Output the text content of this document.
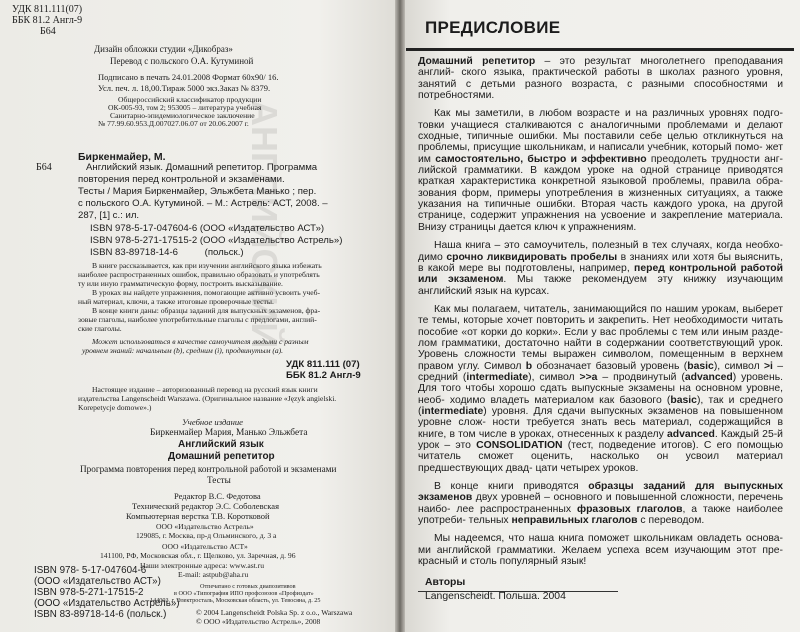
АНГЛИЙСКИЙ
УДК 811.111(07)
ББК 81.2 Англ-9
Б64
Дизайн обложки студии «Дикобраз»
Перевод с польского О.А. Кутуминой
Подписано в печать 24.01.2008 Формат 60х90/ 16.
Усл. печ. л. 18,00.Тираж 5000 экз.Заказ № 8379.
Общероссийский классификатор продукции
ОК-005-93, том 2; 953005 – литература учебная
Санитарно-эпидемиологическое заключение
№ 77.99.60.953.Д.007027.06.07 от 20.06.2007 г.
Биркенмайер, М.
Б64	Английский язык. Домашний репетитор. Программа
повторения перед контрольной и экзаменами.
Тесты / Мария Биркенмайер, Эльжбета Манько ; пер.
с польского О.А. Кутуминой. – М.: Астрель: АСТ, 2008. –
287, [1] с.: ил.
ISBN 978-5-17-047604-6 (ООО «Издательство АСТ»)
ISBN 978-5-271-17515-2 (ООО «Издательство Астрель»)
ISBN 83-89718-14-6          (польск.)
В книге рассказывается, как при изучении английского языка избежать
наиболее распространенных ошибок, правильно образовать и употреблять
ту или иную грамматическую форму, построить высказывание.
В уроках вы найдете упражнения, помогающие активно усвоить учеб-
ный материал, ключи, а также итоговые проверочные тесты.
В конце книги даны: образцы заданий для выпускных экзаменов, фра-
зовые глаголы, наиболее употребительные глаголы с предлогами, англий-
ские глаголы.
Может использоваться в качестве самоучителя людьми с разным
уровнем знаний: начальным (b), средним (i), продвинутым (a).
УДК 811.111 (07)
ББК 81.2 Англ-9
Настоящее издание – авторизованный перевод на русский язык книги
издательства Langenscheidt Warszawa. (Оригинальное название «Język angielski.
Korepetycje domowe».)
Учебное издание
Биркенмайер Мария, Манько Эльжбета
Английский язык
Домашний репетитор
Программа повторения перед контрольной работой и экзаменами
Тесты
Редактор В.С. Федотова
Технический редактор Э.С. Соболевская
Компьютерная верстка Т.В. Коротковой
ООО «Издательство Астрель»
129085, г. Москва, пр-д Ольминского, д. 3 а
ООО «Издательство АСТ»
141100, РФ, Московская обл., г. Щелково, ул. Заречная, д. 96
Наши электронные адреса: www.ast.ru
E-mail: astpub@aha.ru
ISBN 978- 5-17-047604-6
(ООО «Издательство АСТ»)
ISBN 978-5-271-17515-2
(ООО «Издательство Астрель»)
ISBN 83-89718-14-6 (польск.)
Отпечатано с готовых диапозитивов
в ООО «Типография ИПО профсоюзов «Профиздат»
144003, г. Электросталь, Московская область, ул. Тевосяна, д. 25
© 2004 Langenscheidt Polska Sp. z o.o., Warszawa
© ООО «Издательство Астрель», 2008
ПРЕДИСЛОВИЕ

Домашний репетитор – это результат многолетнего преподавания англий- ского языка, практической работы в школах разного уровня, занятий с детьми разного возраста, с разными способностями и потребностями.

Как мы заметили, в любом возрасте и на различных уровнях подго- товки учащиеся сталкиваются с аналогичными проблемами и делают сходные, типичные ошибки. Мы поставили себе целью откликнуться на проблемы, присущие школьникам, и написали учебник, который помо- жет им самостоятельно, быстро и эффективно преодолеть трудности анг- лийской грамматики. В каждом уроке на одной странице приводятся краткая характеристика конкретной языковой проблемы, правила обра- зования форм, примеры употребления в жизненных ситуациях, а также указания на типичные ошибки. Вторая часть каждого урока, на другой странице, содержит упражнения на усвоение и закрепление материала. Внизу страницы дается ключ к упражнениям.

Наша книга – это самоучитель, полезный в тех случаях, когда необхо- димо срочно ликвидировать пробелы в знаниях или хотя бы выяснить, в какой мере вы подготовлены, например, перед контрольной работой или экзаменом. Мы также рекомендуем эту книжку изучающим английский язык на курсах.

Как мы полагаем, читатель, занимающийся по нашим урокам, выберет те темы, которые хочет повторить и закрепить. Нет необходимости читать пособие «от корки до корки». Если у вас проблемы с тем или иным разде- лом грамматики, достаточно найти в содержании соответствующий урок. Уровень сложности темы выражен символом, помещенным в верхнем правом углу. Символ b обозначает базовый уровень (basic), символ >i – средний (intermediate), символ >>a – продвинутый (advanced) уровень. Для того чтобы хорошо сдать выпускные экзамены на основном уровне, необ- ходимо владеть материалом как базового (basic), так и среднего (intermediate) уровня. Для сдачи выпускных экзаменов на повышенном уровне слож- ности требуется знать весь материал, содержащийся в книге, в том числе в уроках, отнесенных к разделу advanced. Каждый 25-й урок – это CONSOLIDATION (тест, подведение итогов). С его помощью читатель сможет оценить, насколько он усвоил материал предшествующих двад- цати четырех уроков.

В конце книги приводятся образцы заданий для выпускных экзаменов двух уровней – основного и повышенной сложности, перечень наибо- лее распространенных фразовых глаголов, а также наиболее употреби- тельных неправильных глаголов с переводом.

Мы надеемся, что наша книга поможет школьникам овладеть основа- ми английской грамматики. Желаем успеха всем изучающим этот пре- красный и столь популярный язык!

Авторы
Langenscheidt. Польша. 2004
